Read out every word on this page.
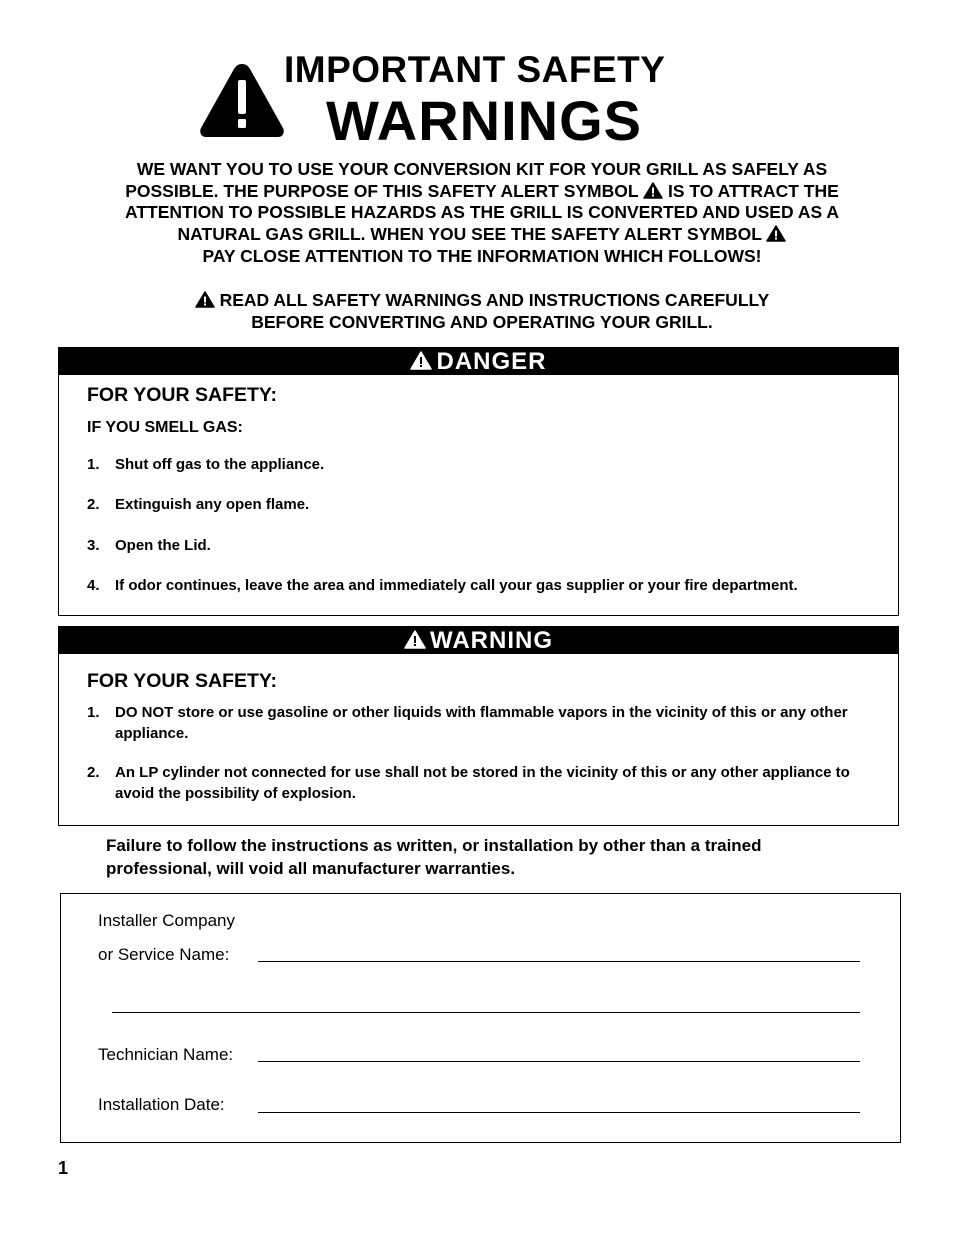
IMPORTANT SAFETY
WARNINGS
WE WANT YOU TO USE YOUR CONVERSION KIT FOR YOUR GRILL AS SAFELY AS
POSSIBLE. THE PURPOSE OF THIS SAFETY ALERT SYMBOL IS TO ATTRACT THE
ATTENTION TO POSSIBLE HAZARDS AS THE GRILL IS CONVERTED AND USED AS A
NATURAL GAS GRILL. WHEN YOU SEE THE SAFETY ALERT SYMBOL
PAY CLOSE ATTENTION TO THE INFORMATION WHICH FOLLOWS!
READ ALL SAFETY WARNINGS AND INSTRUCTIONS CAREFULLY
BEFORE CONVERTING AND OPERATING YOUR GRILL.
DANGER
FOR YOUR SAFETY:
IF YOU SMELL GAS:
1.	Shut off gas to the appliance.
2.	Extinguish any open flame.
3.	Open the Lid.
4.	If odor continues, leave the area and immediately call your gas supplier or your fire department.
WARNING
FOR YOUR SAFETY:
1.	DO NOT store or use gasoline or other liquids with flammable vapors in the vicinity of this or any other appliance.
2.	An LP cylinder not connected for use shall not be stored in the vicinity of this or any other appliance to avoid the possibility of explosion.
Failure to follow the instructions as written, or installation by other than a trained professional, will void all manufacturer warranties.
Installer Company
or Service Name:
Technician Name:
Installation Date:
1
